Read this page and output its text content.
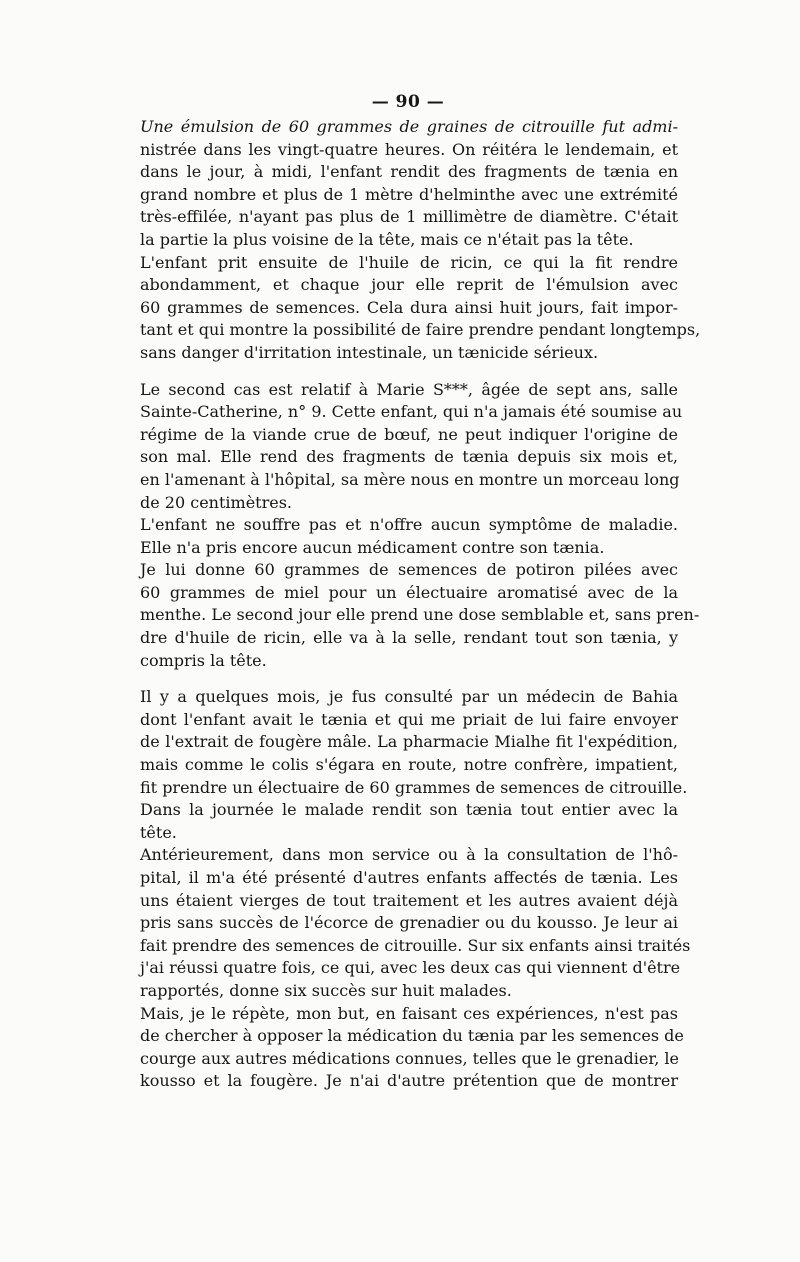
— 90 —

Une émulsion de 60 grammes de graines de citrouille fut admi-
nistrée dans les vingt-quatre heures. On réitéra le lendemain, et
dans le jour, à midi, l'enfant rendit des fragments de tænia en
grand nombre et plus de 1 mètre d'helminthe avec une extrémité
très-effilée, n'ayant pas plus de 1 millimètre de diamètre. C'était
la partie la plus voisine de la tête, mais ce n'était pas la tête.

L'enfant prit ensuite de l'huile de ricin, ce qui la fit rendre
abondamment, et chaque jour elle reprit de l'émulsion avec
60 grammes de semences. Cela dura ainsi huit jours, fait impor-
tant et qui montre la possibilité de faire prendre pendant longtemps,
sans danger d'irritation intestinale, un tænicide sérieux.

Le second cas est relatif à Marie S***, âgée de sept ans, salle
Sainte-Catherine, n° 9. Cette enfant, qui n'a jamais été soumise au
régime de la viande crue de bœuf, ne peut indiquer l'origine de
son mal. Elle rend des fragments de tænia depuis six mois et,
en l'amenant à l'hôpital, sa mère nous en montre un morceau long
de 20 centimètres.

L'enfant ne souffre pas et n'offre aucun symptôme de maladie.
Elle n'a pris encore aucun médicament contre son tænia.

Je lui donne 60 grammes de semences de potiron pilées avec
60 grammes de miel pour un électuaire aromatisé avec de la
menthe. Le second jour elle prend une dose semblable et, sans pren-
dre d'huile de ricin, elle va à la selle, rendant tout son tænia, y
compris la tête.

Il y a quelques mois, je fus consulté par un médecin de Bahia
dont l'enfant avait le tænia et qui me priait de lui faire envoyer
de l'extrait de fougère mâle. La pharmacie Mialhe fit l'expédition,
mais comme le colis s'égara en route, notre confrère, impatient,
fit prendre un électuaire de 60 grammes de semences de citrouille.
Dans la journée le malade rendit son tænia tout entier avec la
tête.

Antérieurement, dans mon service ou à la consultation de l'hô-
pital, il m'a été présenté d'autres enfants affectés de tænia. Les
uns étaient vierges de tout traitement et les autres avaient déjà
pris sans succès de l'écorce de grenadier ou du kousso. Je leur ai
fait prendre des semences de citrouille. Sur six enfants ainsi traités
j'ai réussi quatre fois, ce qui, avec les deux cas qui viennent d'être
rapportés, donne six succès sur huit malades.

Mais, je le répète, mon but, en faisant ces expériences, n'est pas
de chercher à opposer la médication du tænia par les semences de
courge aux autres médications connues, telles que le grenadier, le
kousso et la fougère. Je n'ai d'autre prétention que de montrer
